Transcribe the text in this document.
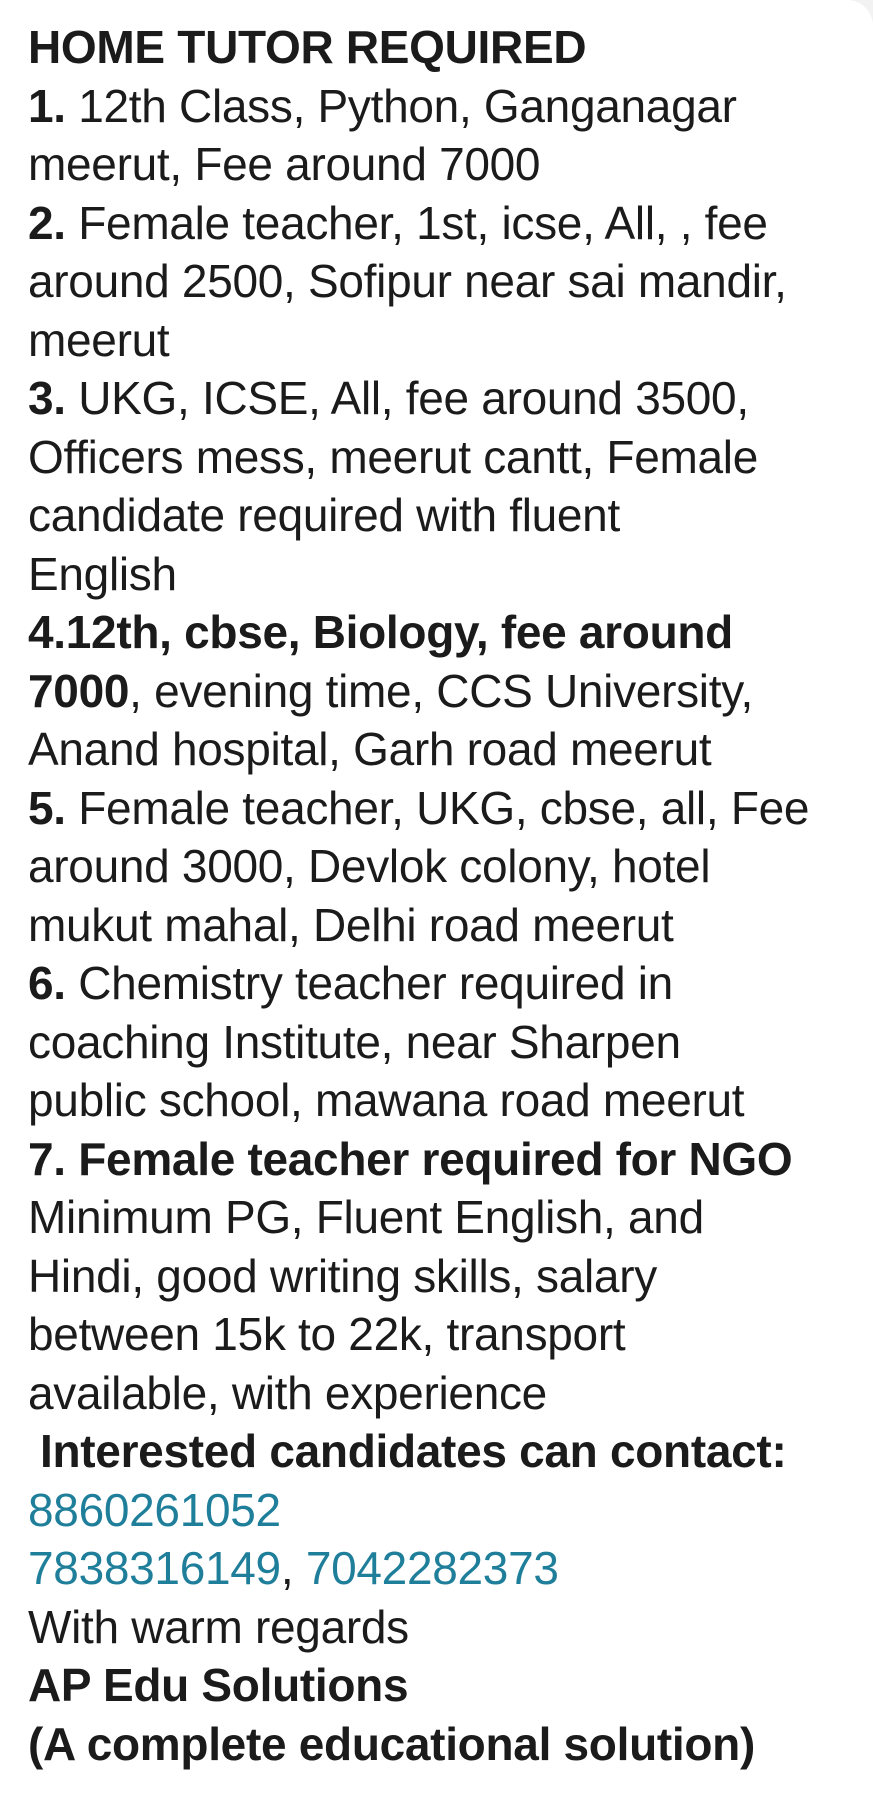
HOME TUTOR REQUIRED
1. 12th Class, Python, Ganganagar
meerut, Fee around 7000
2. Female teacher, 1st, icse, All, , fee
around 2500, Sofipur near sai mandir,
meerut
3. UKG, ICSE, All, fee around 3500,
Officers mess, meerut cantt, Female
candidate required with fluent
English
4.12th, cbse, Biology, fee around
7000, evening time, CCS University,
Anand hospital, Garh road meerut
5. Female teacher, UKG, cbse, all, Fee
around 3000, Devlok colony, hotel
mukut mahal, Delhi road meerut
6. Chemistry teacher required in
coaching Institute, near Sharpen
public school, mawana road meerut
7. Female teacher required for NGO
Minimum PG, Fluent English, and
Hindi, good writing skills, salary
between 15k to 22k, transport
available, with experience
Interested candidates can contact:
8860261052
7838316149, 7042282373
With warm regards
AP Edu Solutions
(A complete educational solution)
